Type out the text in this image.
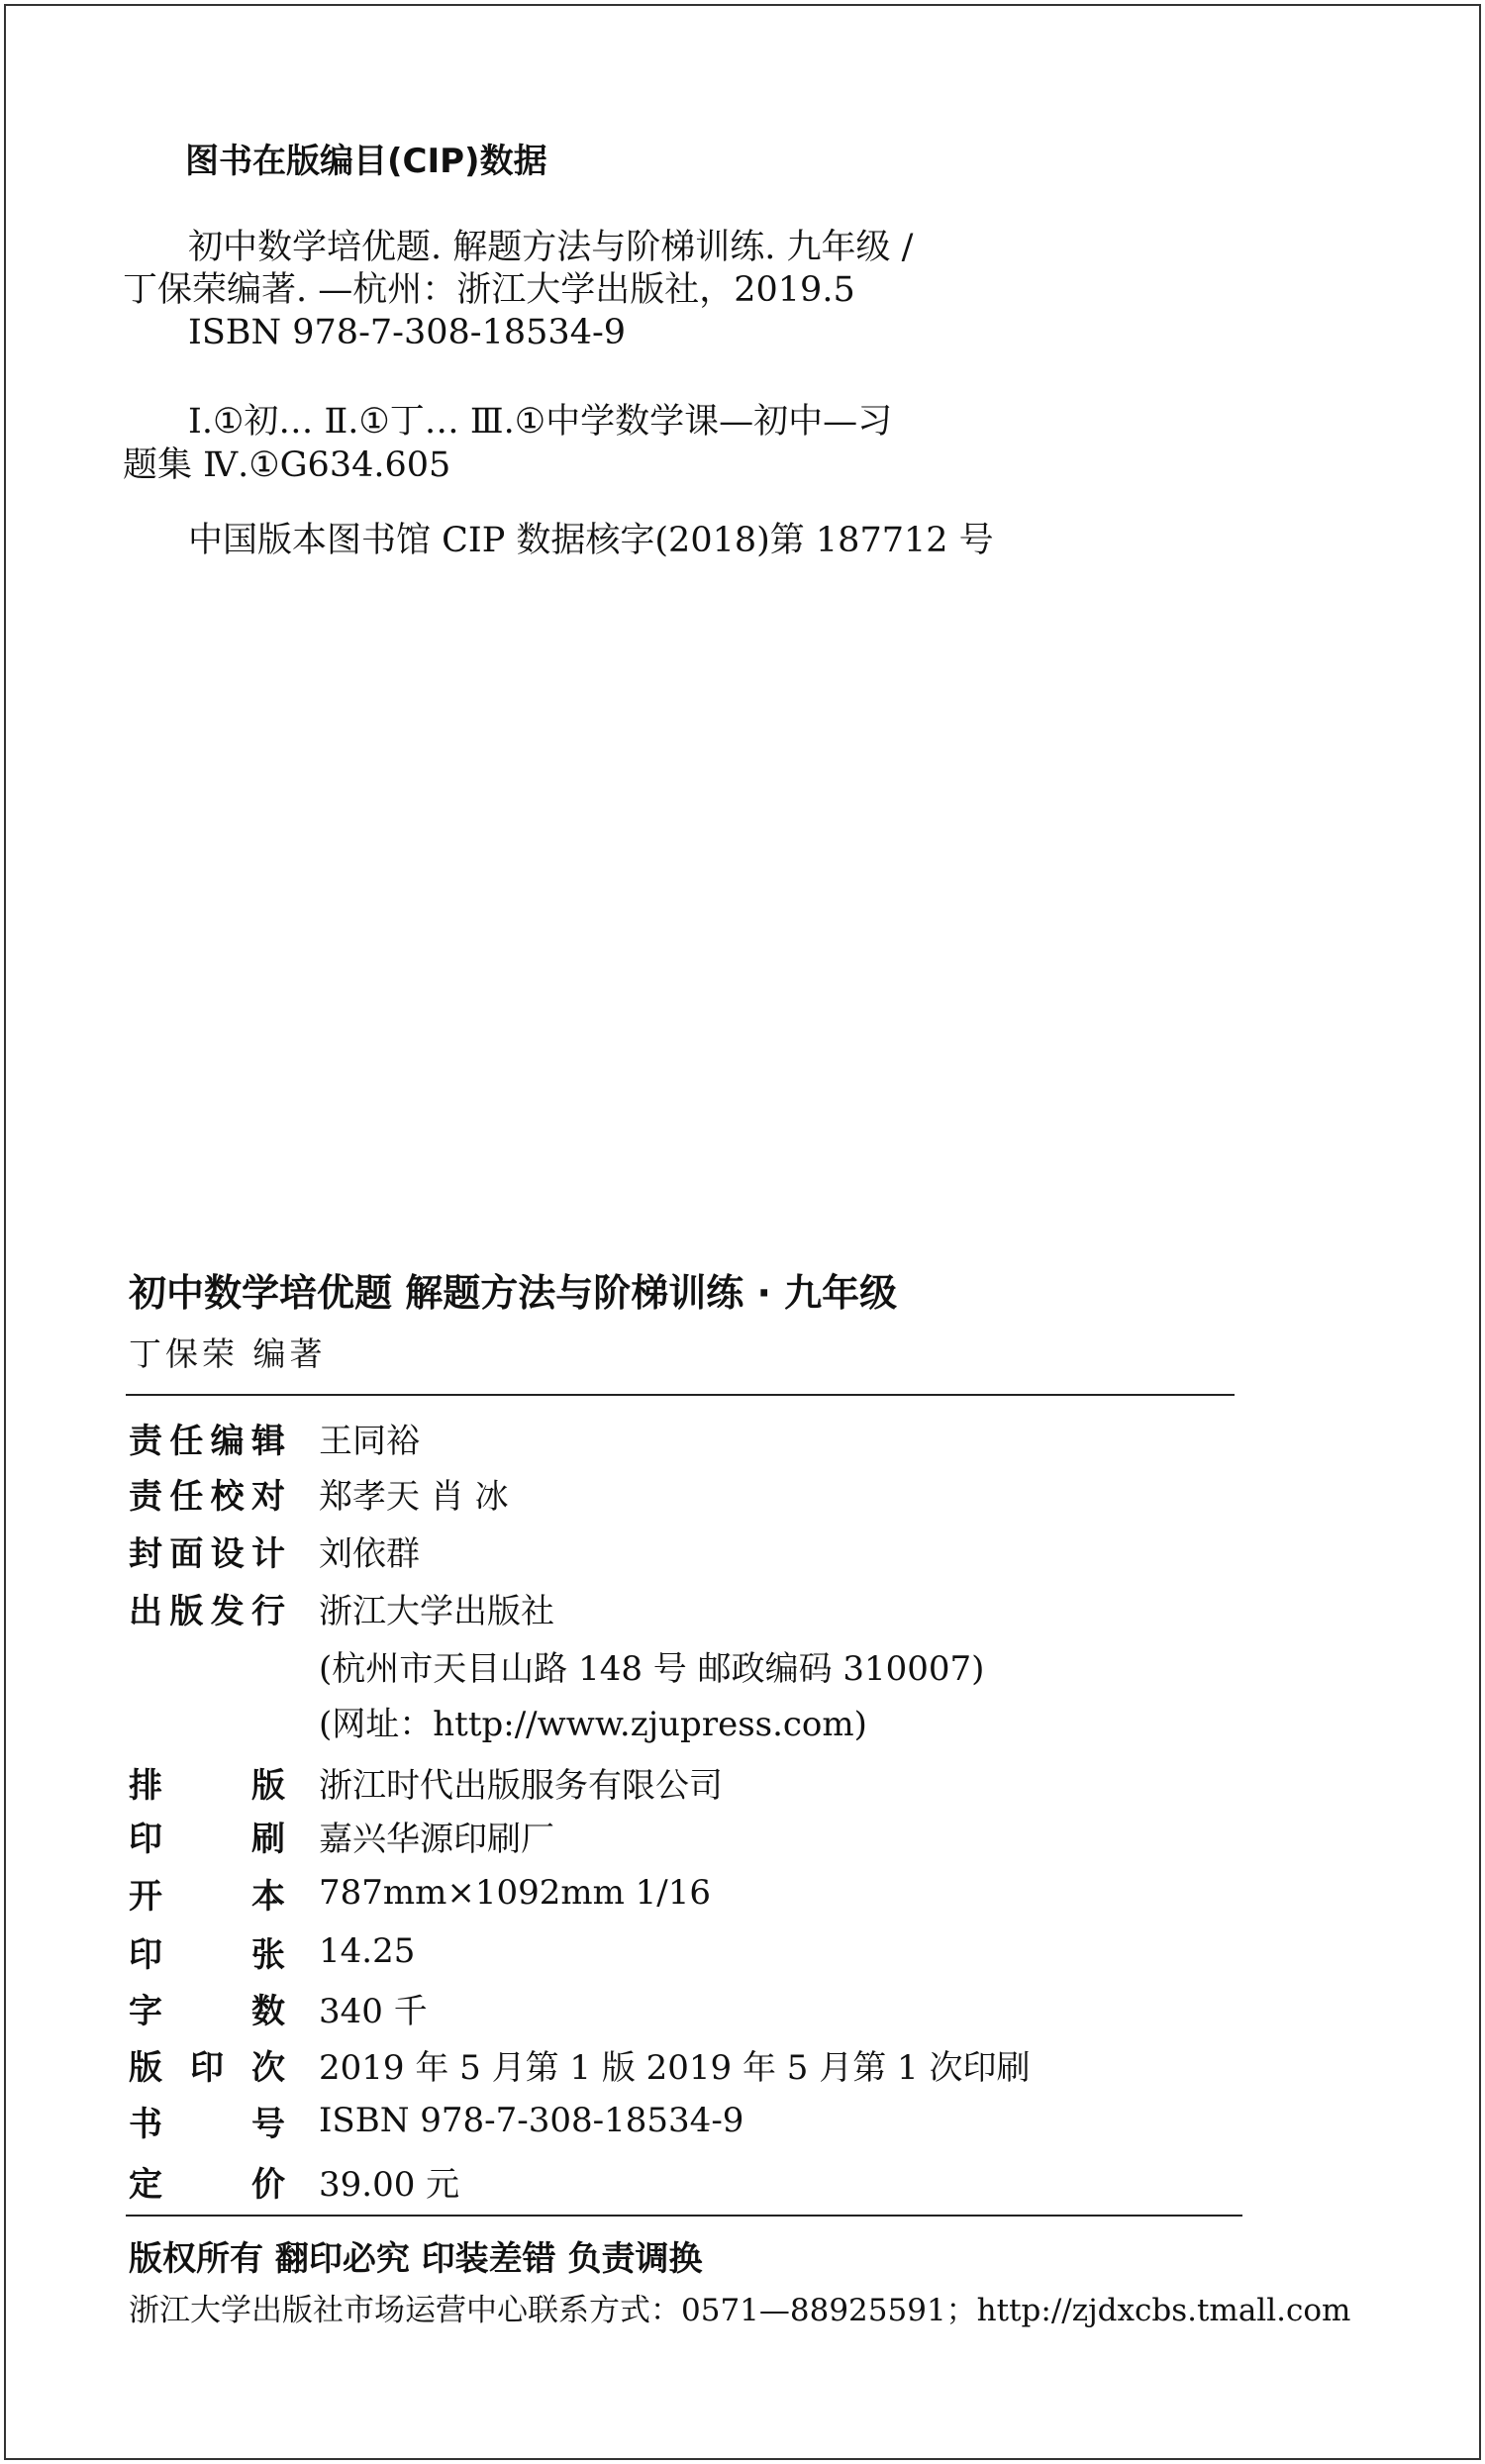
图书在版编目(CIP)数据
初中数学培优题. 解题方法与阶梯训练. 九年级 /
丁保荣编著. —杭州：浙江大学出版社，2019.5
ISBN 978-7-308-18534-9
Ⅰ.①初… Ⅱ.①丁… Ⅲ.①中学数学课—初中—习
题集 Ⅳ.①G634.605
中国版本图书馆 CIP 数据核字(2018)第 187712 号
初中数学培优题 解题方法与阶梯训练 · 九年级
丁保荣 编著
责任编辑 王同裕
责任校对 郑孝天 肖 冰
封面设计 刘依群
出版发行 浙江大学出版社
(杭州市天目山路 148 号 邮政编码 310007)
(网址：http://www.zjupress.com)
排版 浙江时代出版服务有限公司
印刷 嘉兴华源印刷厂
开本 787mm×1092mm 1/16
印张 14.25
字数 340 千
版印次 2019 年 5 月第 1 版 2019 年 5 月第 1 次印刷
书号 ISBN 978-7-308-18534-9
定价 39.00 元
版权所有 翻印必究 印装差错 负责调换
浙江大学出版社市场运营中心联系方式：0571—88925591；http://zjdxcbs.tmall.com
